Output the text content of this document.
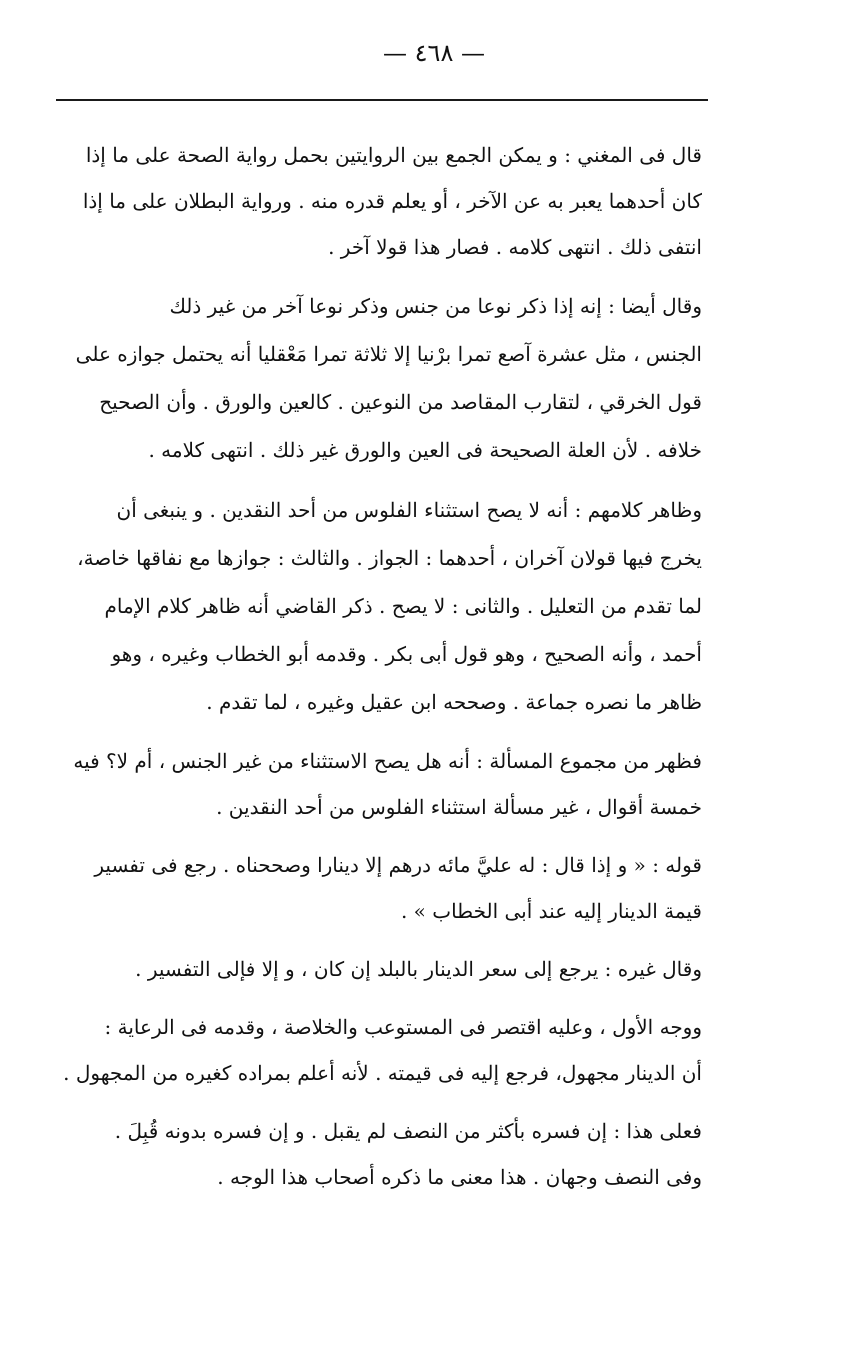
— ٤٦٨ —
قال فى المغني : و يمكن الجمع بين الروايتين بحمل رواية الصحة على ما إذا
كان أحدهما يعبر به عن الآخر ، أو يعلم قدره منه . ورواية البطلان على ما إذا
انتفى ذلك . انتهى كلامه . فصار هذا قولا آخر .
وقال أيضا : إنه إذا ذكر نوعا من جنس وذكر نوعا آخر من غير ذلك
الجنس ، مثل عشرة آصع تمرا برْنيا إلا ثلاثة تمرا مَعْقليا أنه يحتمل جوازه على
قول الخرقي ، لتقارب المقاصد من النوعين . كالعين والورق . وأن الصحيح
خلافه . لأن العلة الصحيحة فى العين والورق غير ذلك . انتهى كلامه .
وظاهر كلامهم : أنه لا يصح استثناء الفلوس من أحد النقدين . و ينبغى أن
يخرج فيها قولان آخران ، أحدهما : الجواز . والثالث : جوازها مع نفاقها خاصة،
لما تقدم من التعليل . والثانى : لا يصح . ذكر القاضي أنه ظاهر كلام الإمام
أحمد ، وأنه الصحيح ، وهو قول أبى بكر . وقدمه أبو الخطاب وغيره ، وهو
ظاهر ما نصره جماعة . وصححه ابن عقيل وغيره ، لما تقدم .
فظهر من مجموع المسألة : أنه هل يصح الاستثناء من غير الجنس ، أم لا؟ فيه
خمسة أقوال ، غير مسألة استثناء الفلوس من أحد النقدين .
قوله : « و إذا قال : له عليَّ مائه درهم إلا دينارا وصححناه . رجع فى تفسير
قيمة الدينار إليه عند أبى الخطاب » .
وقال غيره : يرجع إلى سعر الدينار بالبلد إن كان ، و إلا فإلى التفسير .
ووجه الأول ، وعليه اقتصر فى المستوعب والخلاصة ، وقدمه فى الرعاية :
أن الدينار مجهول، فرجع إليه فى قيمته . لأنه أعلم بمراده كغيره من المجهول .
فعلى هذا : إن فسره بأكثر من النصف لم يقبل . و إن فسره بدونه قُبِلَ .
وفى النصف وجهان . هذا معنى ما ذكره أصحاب هذا الوجه .
